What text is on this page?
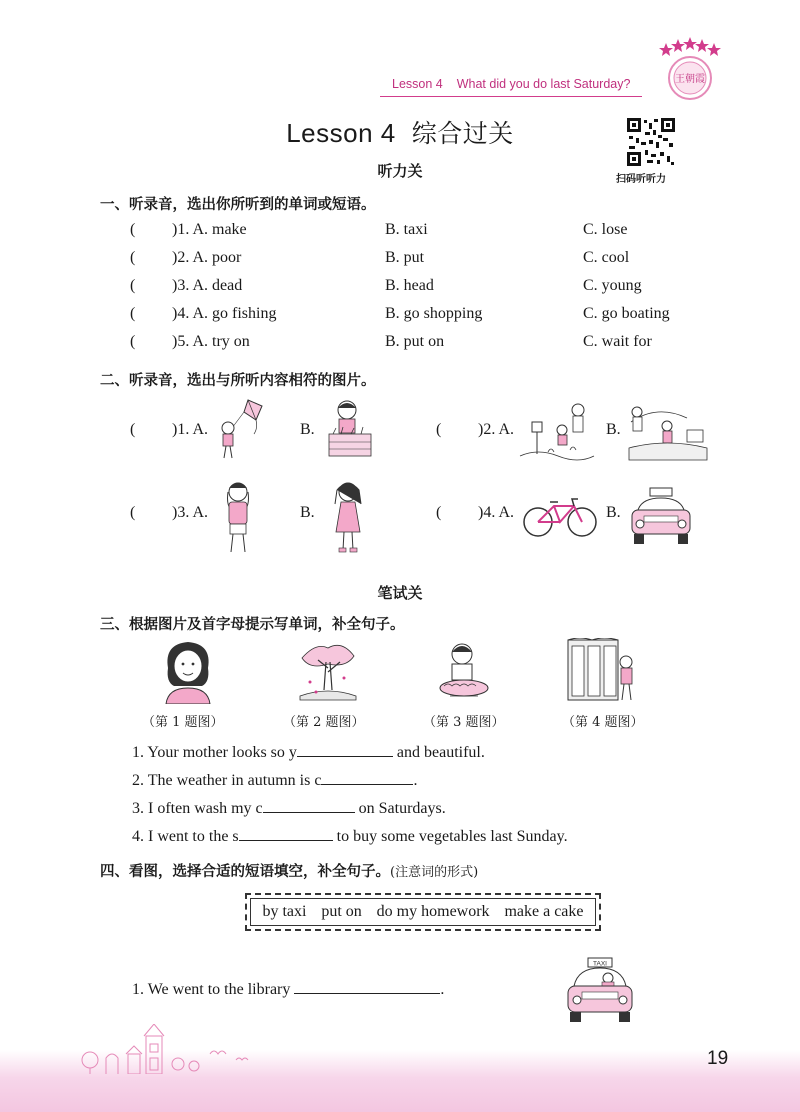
Lesson 4 What did you do last Saturday?	王朝霞
Lesson 4 综合过关
扫码听听力
听力关
一、听录音，选出你所听到的单词或短语。
( )1. A. make	B. taxi	C. lose
( )2. A. poor	B. put	C. cool
( )3. A. dead	B. head	C. young
( )4. A. go fishing	B. go shopping	C. go boating
( )5. A. try on	B. put on	C. wait for
二、听录音，选出与所听内容相符的图片。
( )1. A.	B.	( )2. A.	B.
( )3. A.	B.	( )4. A.	B.
笔试关
三、根据图片及首字母提示写单词，补全句子。
（第 1 题图）	（第 2 题图）	（第 3 题图）	（第 4 题图）
1. Your mother looks so y	and beautiful.
2. The weather in autumn is c	.
3. I often wash my c	on Saturdays.
4. I went to the s	to buy some vegetables last Sunday.
四、看图，选择合适的短语填空，补全句子。(注意词的形式)
by taxi put on do my homework make a cake
1. We went to the library	.
TAXI
19
